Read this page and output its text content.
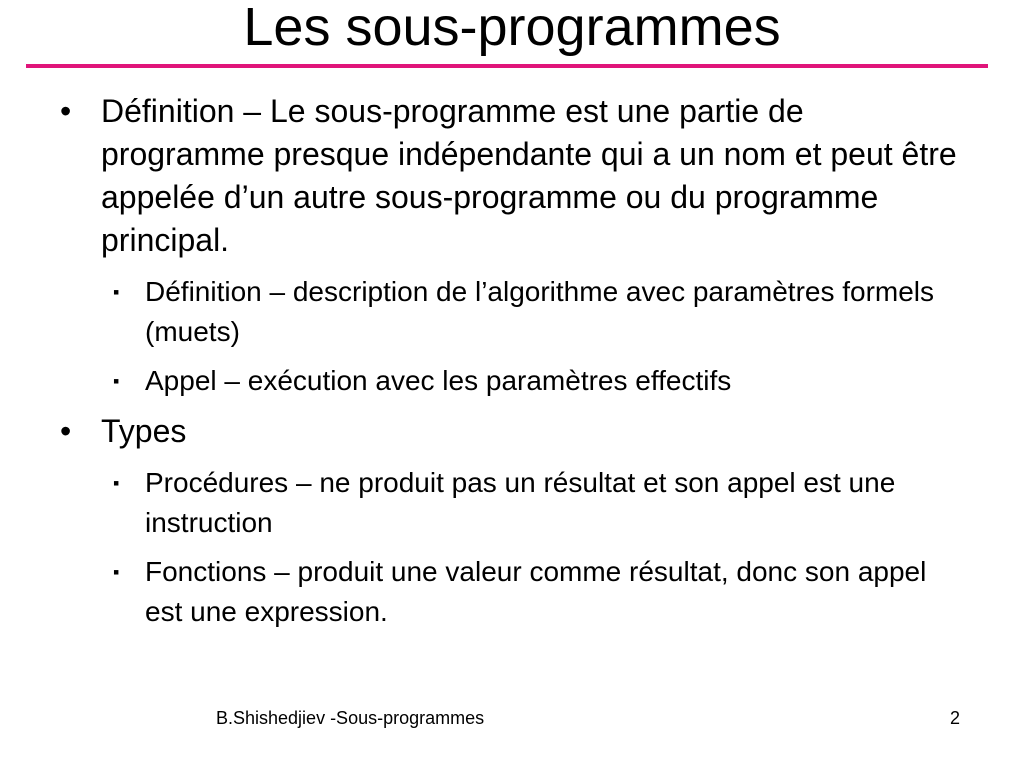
Les sous-programmes
• Définition – Le sous-programme est une partie de programme presque indépendante qui a un nom et peut être appelée d’un autre sous-programme ou du programme principal.
▪ Définition – description de l’algorithme avec paramètres formels (muets)
▪ Appel – exécution avec les paramètres effectifs
• Types
▪ Procédures – ne produit pas un résultat et son appel est une instruction
▪ Fonctions – produit une valeur comme résultat, donc son appel est une expression.
B.Shishedjiev -Sous-programmes	2
